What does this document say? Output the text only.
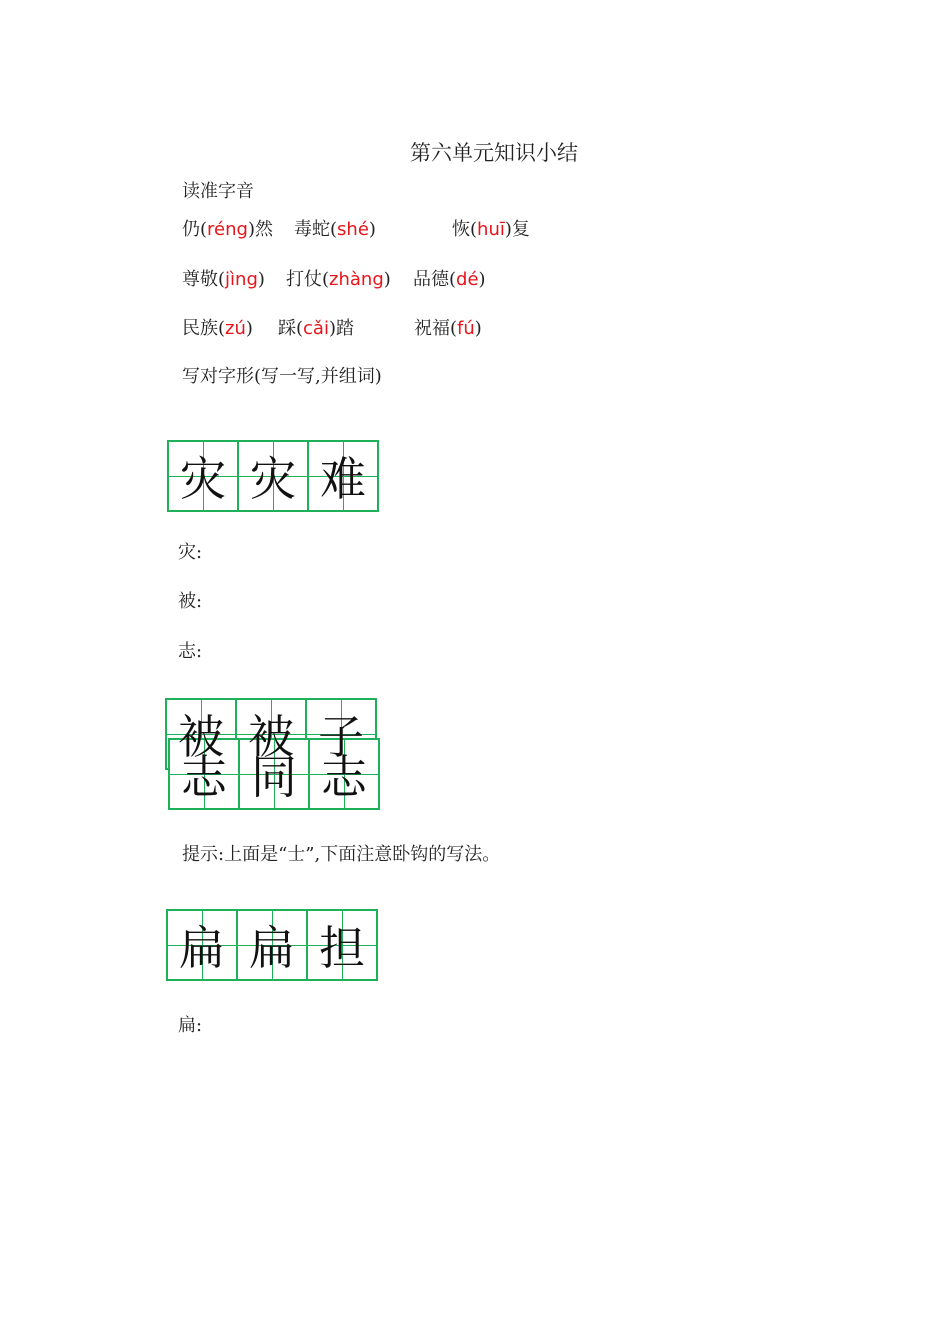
第六单元知识小结
读准字音
仍(réng)然 毒蛇(shé)	恢(huī)复
尊敬(jìng) 打仗(zhàng) 品德(dé)
民族(zú) 踩(cǎi)踏	祝福(fú)
写对字形(写一写,并组词)
灾 灾 难
灾:
被:
志:
被 被 子
志 同 志
提示:上面是“士”,下面注意卧钩的写法。
扁 扁 担
扁:
